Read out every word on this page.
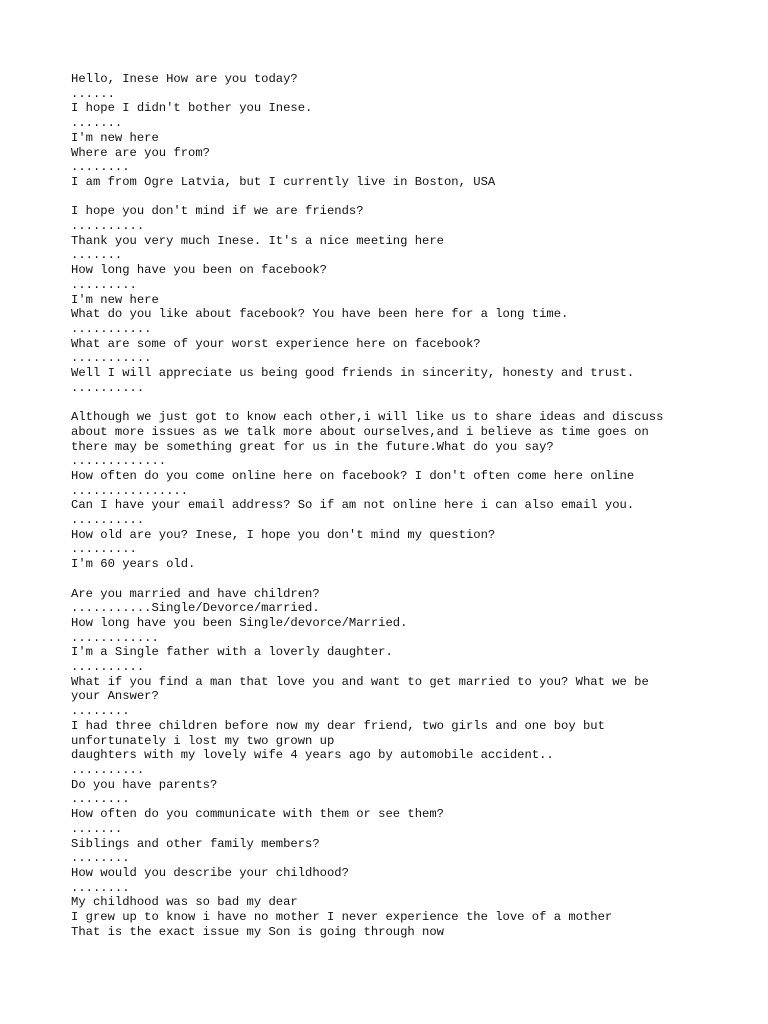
Hello, Inese How are you today?
......
I hope I didn't bother you Inese.
.......
I'm new here
Where are you from?
........
I am from Ogre Latvia, but I currently live in Boston, USA
I hope you don't mind if we are friends?
..........
Thank you very much Inese. It's a nice meeting here
.......
How long have you been on facebook?
.........
I'm new here
What do you like about facebook? You have been here for a long time.
...........
What are some of your worst experience here on facebook?
...........
Well I will appreciate us being good friends in sincerity, honesty and trust.
..........
Although we just got to know each other,i will like us to share ideas and discuss
about more issues as we talk more about ourselves,and i believe as time goes on
there may be something great for us in the future.What do you say?
.............
How often do you come online here on facebook? I don't often come here online
................
Can I have your email address? So if am not online here i can also email you.
..........
How old are you? Inese, I hope you don't mind my question?
.........
I'm 60 years old.
Are you married and have children?
...........Single/Devorce/married.
How long have you been Single/devorce/Married.
............
I'm a Single father with a loverly daughter.
..........
What if you find a man that love you and want to get married to you? What we be
your Answer?
........
I had three children before now my dear friend, two girls and one boy but
unfortunately i lost my two grown up
daughters with my lovely wife 4 years ago by automobile accident..
..........
Do you have parents?
........
How often do you communicate with them or see them?
.......
Siblings and other family members?
........
How would you describe your childhood?
........
My childhood was so bad my dear
I grew up to know i have no mother I never experience the love of a mother
That is the exact issue my Son is going through now
